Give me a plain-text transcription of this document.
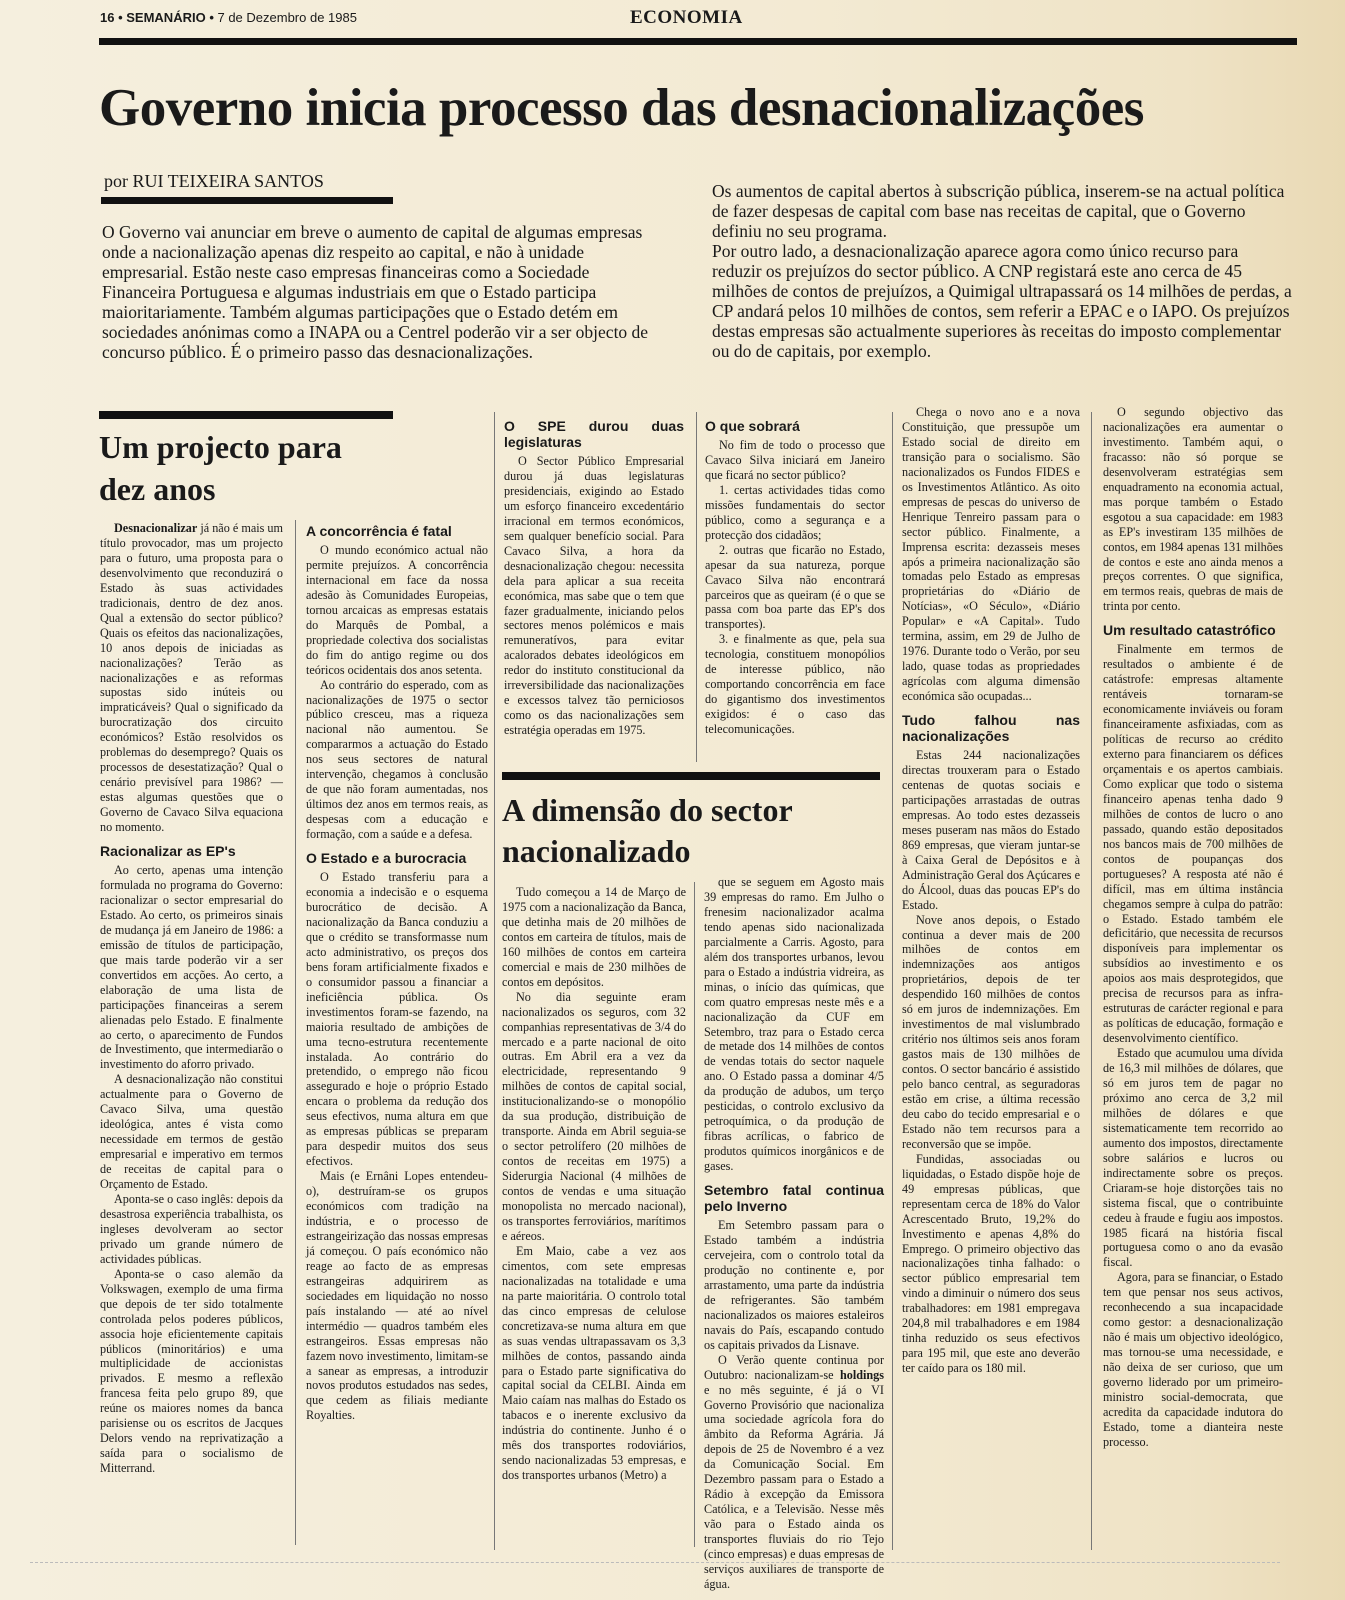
16 • SEMANÁRIO • 7 de Dezembro de 1985	ECONOMIA
Governo inicia processo das desnacionalizações
por RUI TEIXEIRA SANTOS
O Governo vai anunciar em breve o aumento de capital de algumas empresas onde a nacionalização apenas diz respeito ao capital, e não à unidade empresarial. Estão neste caso empresas financeiras como a Sociedade Financeira Portuguesa e algumas industriais em que o Estado participa maioritariamente. Também algumas participações que o Estado detém em sociedades anónimas como a INAPA ou a Centrel poderão vir a ser objecto de concurso público. É o primeiro passo das desnacionalizações.
Os aumentos de capital abertos à subscrição pública, inserem-se na actual política de fazer despesas de capital com base nas receitas de capital, que o Governo definiu no seu programa.
Por outro lado, a desnacionalização aparece agora como único recurso para reduzir os prejuízos do sector público. A CNP registará este ano cerca de 45 milhões de contos de prejuízos, a Quimigal ultrapassará os 14 milhões de perdas, a CP andará pelos 10 milhões de contos, sem referir a EPAC e o IAPO. Os prejuízos destas empresas são actualmente superiores às receitas do imposto complementar ou do de capitais, por exemplo.
Um projecto para dez anos

Desnacionalizar já não é mais um título provocador, mas um projecto para o futuro, uma proposta para o desenvolvimento que reconduzirá o Estado às suas actividades tradicionais, dentro de dez anos. Qual a extensão do sector público? Quais os efeitos das nacionalizações, 10 anos depois de iniciadas as nacionalizações? Terão as nacionalizações e as reformas supostas sido inúteis ou impraticáveis? Qual o significado da burocratização dos circuito económicos? Estão resolvidos os problemas do desemprego? Quais os processos de desestatização? Qual o cenário previsível para 1986? — estas algumas questões que o Governo de Cavaco Silva equaciona no momento.

Racionalizar as EP's

Ao certo, apenas uma intenção formulada no programa do Governo: racionalizar o sector empresarial do Estado. Ao certo, os primeiros sinais de mudança já em Janeiro de 1986: a emissão de títulos de participação, que mais tarde poderão vir a ser convertidos em acções. Ao certo, a elaboração de uma lista de participações financeiras a serem alienadas pelo Estado. E finalmente ao certo, o aparecimento de Fundos de Investimento, que intermediarão o investimento do aforro privado.

A desnacionalização não constitui actualmente para o Governo de Cavaco Silva, uma questão ideológica, antes é vista como necessidade em termos de gestão empresarial e imperativo em termos de receitas de capital para o Orçamento de Estado.

Aponta-se o caso inglês: depois da desastrosa experiência trabalhista, os ingleses devolveram ao sector privado um grande número de actividades públicas.

Aponta-se o caso alemão da Volkswagen, exemplo de uma firma que depois de ter sido totalmente controlada pelos poderes públicos, associa hoje eficientemente capitais públicos (minoritários) e uma multiplicidade de accionistas privados. E mesmo a reflexão francesa feita pelo grupo 89, que reúne os maiores nomes da banca parisiense ou os escritos de Jacques Delors vendo na reprivatização a saída para o socialismo de Mitterrand.

A concorrência é fatal

O mundo económico actual não permite prejuízos. A concorrência internacional em face da nossa adesão às Comunidades Europeias, tornou arcaicas as empresas estatais do Marquês de Pombal, a propriedade colectiva dos socialistas do fim do antigo regime ou dos teóricos ocidentais dos anos setenta.

Ao contrário do esperado, com as nacionalizações de 1975 o sector público cresceu, mas a riqueza nacional não aumentou. Se compararmos a actuação do Estado nos seus sectores de natural intervenção, chegamos à conclusão de que não foram aumentadas, nos últimos dez anos em termos reais, as despesas com a educação e formação, com a saúde e a defesa.

O Estado e a burocracia

O Estado transferiu para a economia a indecisão e o esquema burocrático de decisão. A nacionalização da Banca conduziu a que o crédito se transformasse num acto administrativo, os preços dos bens foram artificialmente fixados e o consumidor passou a financiar a ineficiência pública. Os investimentos foram-se fazendo, na maioria resultado de ambições de uma tecno-estrutura recentemente instalada. Ao contrário do pretendido, o emprego não ficou assegurado e hoje o próprio Estado encara o problema da redução dos seus efectivos, numa altura em que as empresas públicas se preparam para despedir muitos dos seus efectivos.

Mais (e Ernâni Lopes entendeu-o), destruíram-se os grupos económicos com tradição na indústria, e o processo de estrangeirização das nossas empresas já começou. O país económico não reage ao facto de as empresas estrangeiras adquirirem as sociedades em liquidação no nosso país instalando — até ao nível intermédio — quadros também eles estrangeiros. Essas empresas não fazem novo investimento, limitam-se a sanear as empresas, a introduzir novos produtos estudados nas sedes, que cedem as filiais mediante Royalties.

O SPE durou duas legislaturas

O Sector Público Empresarial durou já duas legislaturas presidenciais, exigindo ao Estado um esforço financeiro excedentário irracional em termos económicos, sem qualquer benefício social. Para Cavaco Silva, a hora da desnacionalização chegou: necessita dela para aplicar a sua receita económica, mas sabe que o tem que fazer gradualmente, iniciando pelos sectores menos polémicos e mais remuneratívos, para evitar acalorados debates ideológicos em redor do instituto constitucional da irreversibilidade das nacionalizações e excessos talvez tão perniciosos como os das nacionalizações sem estratégia operadas em 1975.

O que sobrará

No fim de todo o processo que Cavaco Silva iniciará em Janeiro que ficará no sector público?

1. certas actividades tidas como missões fundamentais do sector público, como a segurança e a protecção dos cidadãos;

2. outras que ficarão no Estado, apesar da sua natureza, porque Cavaco Silva não encontrará parceiros que as queiram (é o que se passa com boa parte das EP's dos transportes).

3. e finalmente as que, pela sua tecnologia, constituem monopólios de interesse público, não comportando concorrência em face do gigantismo dos investimentos exigidos: é o caso das telecomunicações.

A dimensão do sector nacionalizado

Tudo começou a 14 de Março de 1975 com a nacionalização da Banca, que detinha mais de 20 milhões de contos em carteira de títulos, mais de 160 milhões de contos em carteira comercial e mais de 230 milhões de contos em depósitos.

No dia seguinte eram nacionalizados os seguros, com 32 companhias representativas de 3/4 do mercado e a parte nacional de oito outras. Em Abril era a vez da electricidade, representando 9 milhões de contos de capital social, institucionalizando-se o monopólio da sua produção, distribuição de transporte. Ainda em Abril seguia-se o sector petrolífero (20 milhões de contos de receitas em 1975) a Siderurgia Nacional (4 milhões de contos de vendas e uma situação monopolista no mercado nacional), os transportes ferroviários, marítimos e aéreos.

Em Maio, cabe a vez aos cimentos, com sete empresas nacionalizadas na totalidade e uma na parte maioritária. O controlo total das cinco empresas de celulose concretizava-se numa altura em que as suas vendas ultrapassavam os 3,3 milhões de contos, passando ainda para o Estado parte significativa do capital social da CELBI. Ainda em Maio caíam nas malhas do Estado os tabacos e o inerente exclusivo da indústria do continente. Junho é o mês dos transportes rodoviários, sendo nacionalizadas 53 empresas, e dos transportes urbanos (Metro) a

que se seguem em Agosto mais 39 empresas do ramo. Em Julho o frenesim nacionalizador acalma tendo apenas sido nacionalizada parcialmente a Carris. Agosto, para além dos transportes urbanos, levou para o Estado a indústria vidreira, as minas, o início das químicas, que com quatro empresas neste mês e a nacionalização da CUF em Setembro, traz para o Estado cerca de metade dos 14 milhões de contos de vendas totais do sector naquele ano. O Estado passa a dominar 4/5 da produção de adubos, um terço pesticidas, o controlo exclusivo da petroquímica, o da produção de fibras acrílicas, o fabrico de produtos químicos inorgânicos e de gases.

Setembro fatal continua pelo Inverno

Em Setembro passam para o Estado também a indústria cervejeira, com o controlo total da produção no continente e, por arrastamento, uma parte da indústria de refrigerantes. São também nacionalizados os maiores estaleiros navais do País, escapando contudo os capitais privados da Lisnave.

O Verão quente continua por Outubro: nacionalizam-se holdings e no mês seguinte, é já o VI Governo Provisório que nacionaliza uma sociedade agrícola fora do âmbito da Reforma Agrária. Já depois de 25 de Novembro é a vez da Comunicação Social. Em Dezembro passam para o Estado a Rádio à excepção da Emissora Católica, e a Televisão. Nesse mês vão para o Estado ainda os transportes fluviais do rio Tejo (cinco empresas) e duas empresas de serviços auxiliares de transporte de água.

Chega o novo ano e a nova Constituição, que pressupõe um Estado social de direito em transição para o socialismo. São nacionalizados os Fundos FIDES e os Investimentos Atlântico. As oito empresas de pescas do universo de Henrique Tenreiro passam para o sector público. Finalmente, a Imprensa escrita: dezasseis meses após a primeira nacionalização são tomadas pelo Estado as empresas proprietárias do «Diário de Notícias», «O Século», «Diário Popular» e «A Capital». Tudo termina, assim, em 29 de Julho de 1976. Durante todo o Verão, por seu lado, quase todas as propriedades agrícolas com alguma dimensão económica são ocupadas...

Tudo falhou nas nacionalizações

Estas 244 nacionalizações directas trouxeram para o Estado centenas de quotas sociais e participações arrastadas de outras empresas. Ao todo estes dezasseis meses puseram nas mãos do Estado 869 empresas, que vieram juntar-se à Caixa Geral de Depósitos e à Administração Geral dos Açúcares e do Álcool, duas das poucas EP's do Estado.

Nove anos depois, o Estado continua a dever mais de 200 milhões de contos em indemnizações aos antigos proprietários, depois de ter despendido 160 milhões de contos só em juros de indemnizações. Em investimentos de mal vislumbrado critério nos últimos seis anos foram gastos mais de 130 milhões de contos. O sector bancário é assistido pelo banco central, as seguradoras estão em crise, a última recessão deu cabo do tecido empresarial e o Estado não tem recursos para a reconversão que se impõe.

Fundidas, associadas ou liquidadas, o Estado dispõe hoje de 49 empresas públicas, que representam cerca de 18% do Valor Acrescentado Bruto, 19,2% do Investimento e apenas 4,8% do Emprego. O primeiro objectivo das nacionalizações tinha falhado: o sector público empresarial tem vindo a diminuir o número dos seus trabalhadores: em 1981 empregava 204,8 mil trabalhadores e em 1984 tinha reduzido os seus efectivos para 195 mil, que este ano deverão ter caído para os 180 mil.

O segundo objectivo das nacionalizações era aumentar o investimento. Também aqui, o fracasso: não só porque se desenvolveram estratégias sem enquadramento na economia actual, mas porque também o Estado esgotou a sua capacidade: em 1983 as EP's investiram 135 milhões de contos, em 1984 apenas 131 milhões de contos e este ano ainda menos a preços correntes. O que significa, em termos reais, quebras de mais de trinta por cento.

Um resultado catastrófico

Finalmente em termos de resultados o ambiente é de catástrofe: empresas altamente rentáveis tornaram-se economicamente inviáveis ou foram financeiramente asfixiadas, com as políticas de recurso ao crédito externo para financiarem os défices orçamentais e os apertos cambiais. Como explicar que todo o sistema financeiro apenas tenha dado 9 milhões de contos de lucro o ano passado, quando estão depositados nos bancos mais de 700 milhões de contos de poupanças dos portugueses? A resposta até não é difícil, mas em última instância chegamos sempre à culpa do patrão: o Estado. Estado também ele deficitário, que necessita de recursos disponíveis para implementar os subsídios ao investimento e os apoios aos mais desprotegidos, que precisa de recursos para as infra-estruturas de carácter regional e para as políticas de educação, formação e desenvolvimento científico.

Estado que acumulou uma dívida de 16,3 mil milhões de dólares, que só em juros tem de pagar no próximo ano cerca de 3,2 mil milhões de dólares e que sistematicamente tem recorrido ao aumento dos impostos, directamente sobre salários e lucros ou indirectamente sobre os preços. Criaram-se hoje distorções tais no sistema fiscal, que o contribuinte cedeu à fraude e fugiu aos impostos. 1985 ficará na história fiscal portuguesa como o ano da evasão fiscal.

Agora, para se financiar, o Estado tem que pensar nos seus activos, reconhecendo a sua incapacidade como gestor: a desnacionalização não é mais um objectivo ideológico, mas tornou-se uma necessidade, e não deixa de ser curioso, que um governo liderado por um primeiro-ministro social-democrata, que acredita da capacidade indutora do Estado, tome a dianteira neste processo.
